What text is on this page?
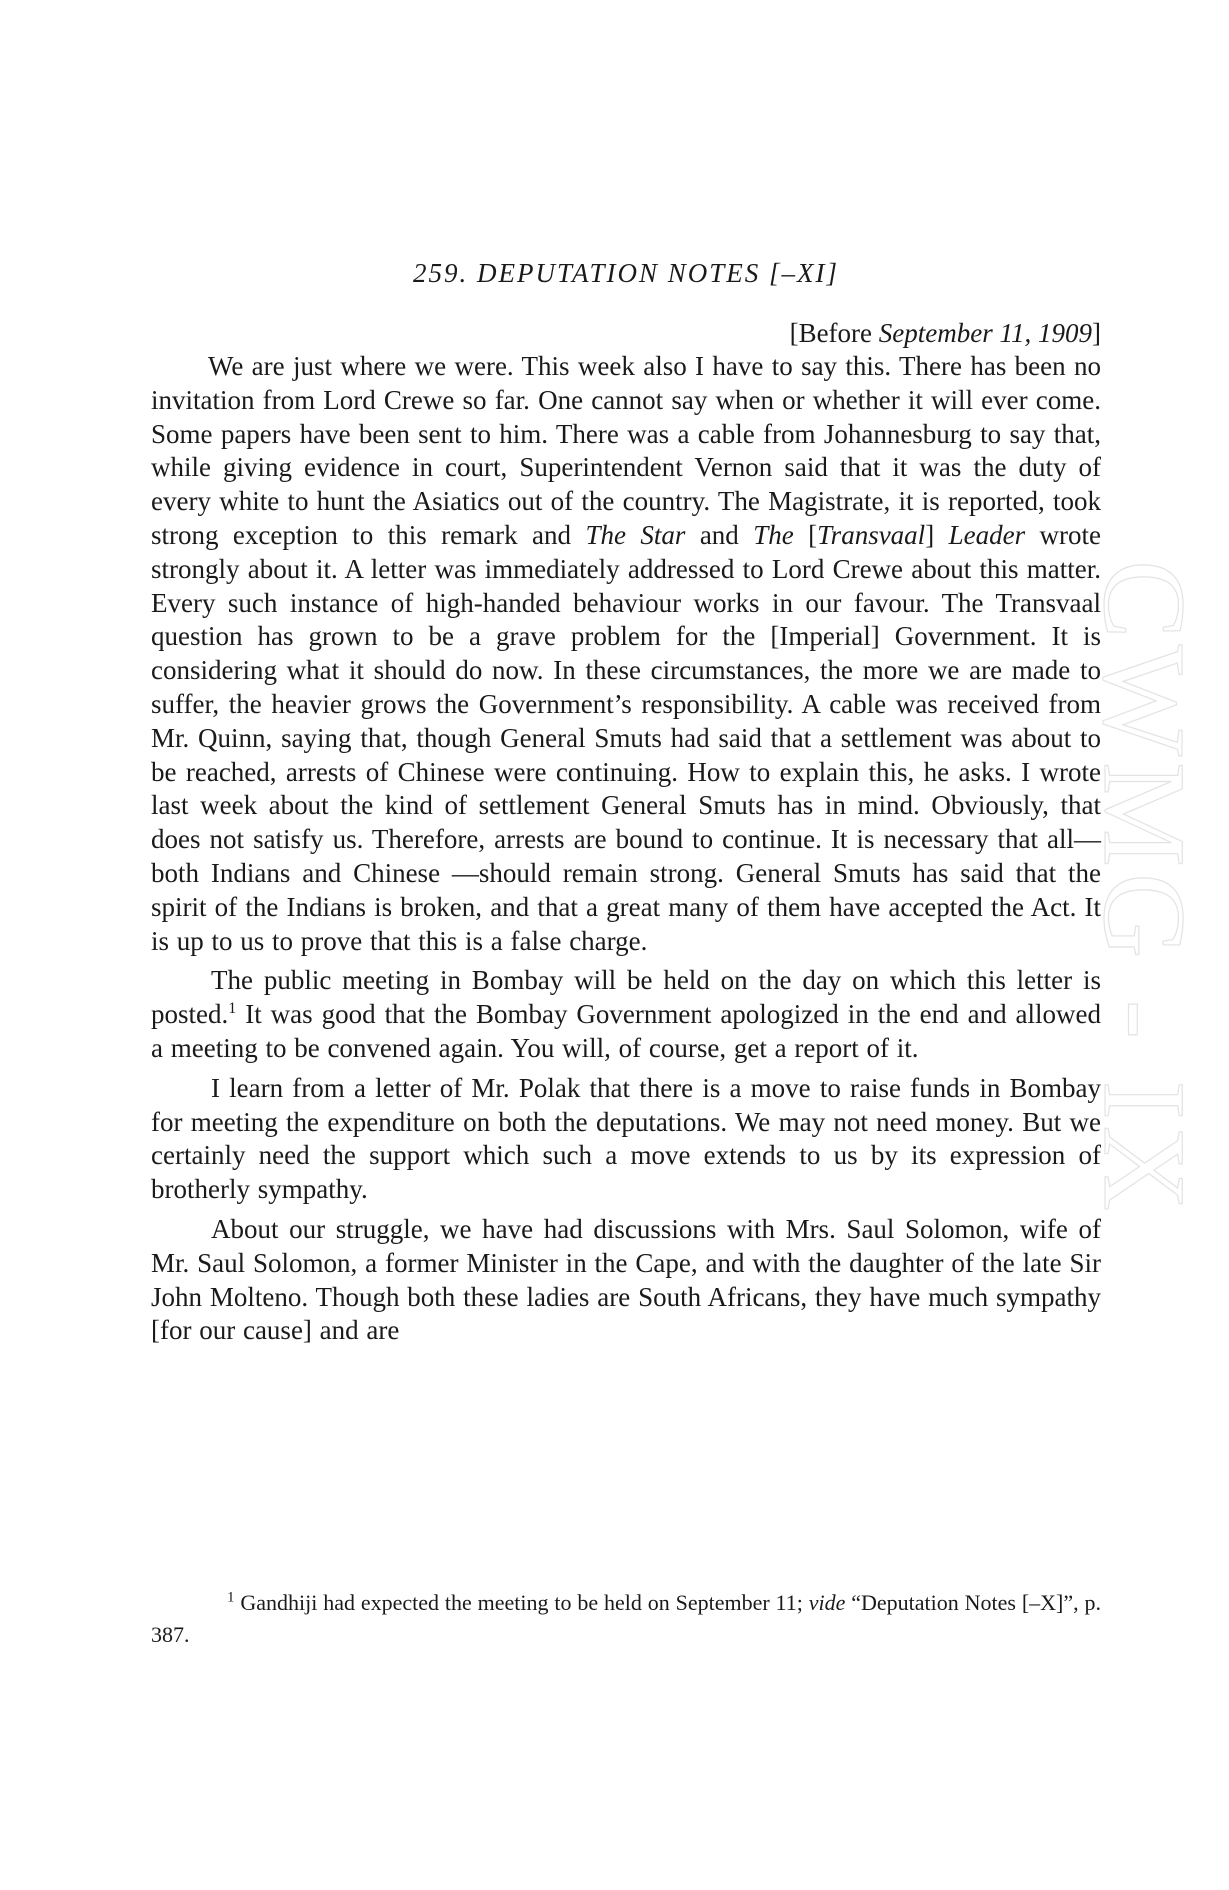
CWMG - IX
259. DEPUTATION NOTES [–XI]
[Before September 11, 1909]

We are just where we were. This week also I have to say this. There has been no invitation from Lord Crewe so far. One cannot say when or whether it will ever come. Some papers have been sent to him. There was a cable from Johannesburg to say that, while giving evidence in court, Superintendent Vernon said that it was the duty of every white to hunt the Asiatics out of the country. The Magistrate, it is reported, took strong exception to this remark and The Star and The [Transvaal] Leader wrote strongly about it. A letter was immediately addressed to Lord Crewe about this matter. Every such instance of high-handed behaviour works in our favour. The Transvaal question has grown to be a grave problem for the [Imperial] Government. It is considering what it should do now. In these circumstances, the more we are made to suffer, the heavier grows the Government’s responsibility. A cable was received from Mr. Quinn, saying that, though General Smuts had said that a settlement was about to be reached, arrests of Chinese were continuing. How to explain this, he asks. I wrote last week about the kind of settlement General Smuts has in mind. Obviously, that does not satisfy us. Therefore, arrests are bound to continue. It is necessary that all—both Indians and Chinese —should remain strong. General Smuts has said that the spirit of the Indians is broken, and that a great many of them have accepted the Act. It is up to us to prove that this is a false charge.

The public meeting in Bombay will be held on the day on which this letter is posted.$^1$ It was good that the Bombay Government apologized in the end and allowed a meeting to be convened again. You will, of course, get a report of it.

I learn from a letter of Mr. Polak that there is a move to raise funds in Bombay for meeting the expenditure on both the deputations. We may not need money. But we certainly need the support which such a move extends to us by its expression of brotherly sympathy.

About our struggle, we have had discussions with Mrs. Saul Solomon, wife of Mr. Saul Solomon, a former Minister in the Cape, and with the daughter of the late Sir John Molteno. Though both these ladies are South Africans, they have much sympathy [for our cause] and are

$^1$ Gandhiji had expected the meeting to be held on September 11; vide “Deputation Notes [–X]”, p. 387.
